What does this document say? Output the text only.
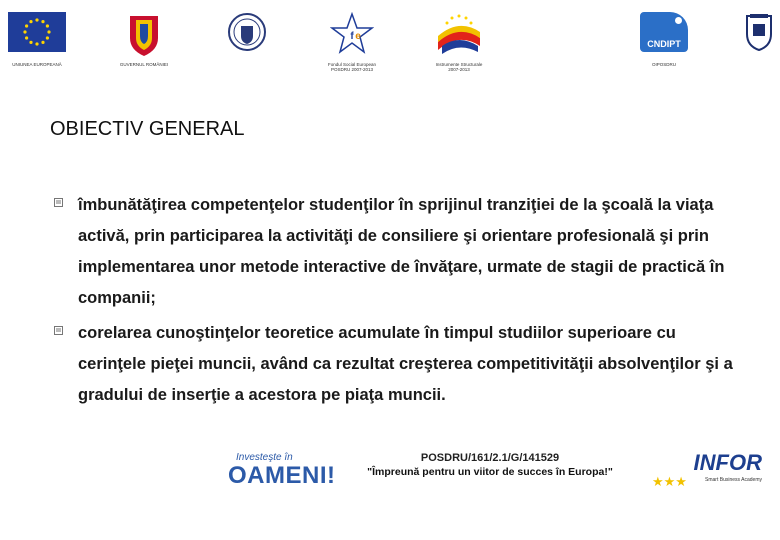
UNIUNEA EUROPEANĂ	GUVERNUL ROMÂNIEI
f e
Fondul Social European
POSDRU 2007-2013
Instrumente Structurale
2007-2013
CNDIPT
OIPOSDRU
OBIECTIV GENERAL
îmbunătăţirea competenţelor studenţilor în sprijinul tranziţiei de la şcoală la viaţa activă, prin participarea la activităţi de consiliere şi orientare profesională şi prin implementarea unor metode interactive de învăţare, urmate de stagii de practică în companii;
corelarea cunoştinţelor teoretice acumulate în timpul studiilor superioare cu cerinţele pieţei muncii, având ca rezultat creşterea competitivităţii absolvenţilor şi a gradului de inserţie a acestora pe piaţa muncii.
Investeşte în
OAMENI!
POSDRU/161/2.1/G/141529
"Împreună pentru un viitor de succes în Europa!"	INFOR
★★★	Smart Business Academy
